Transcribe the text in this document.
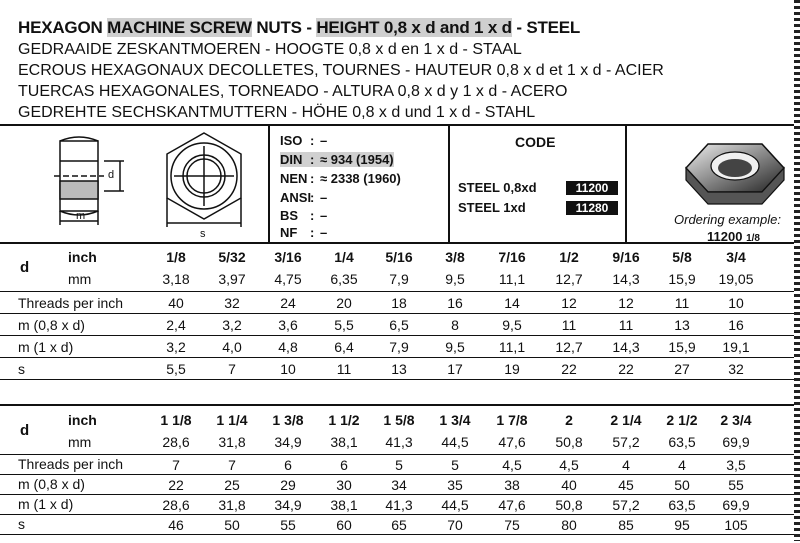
HEXAGON MACHINE SCREW NUTS - HEIGHT 0,8 x d and 1 x d - STEEL
GEDRAAIDE ZESKANTMOEREN - HOOGTE 0,8 x d en 1 x d - STAAL
ECROUS HEXAGONAUX DECOLLETES, TOURNES - HAUTEUR 0,8 x d et 1 x d - ACIER
TUERCAS HEXAGONALES, TORNEADO - ALTURA 0,8 x d y 1 x d - ACERO
GEDREHTE SECHSKANTMUTTERN - HÖHE 0,8 x d und 1 x d - STAHL
m
d
s
ISO : –
DIN : ≈ 934 (1954)
NEN : ≈ 2338 (1960)
ANSI: –
BS : –
NF : –
CODE
STEEL 0,8xd	11200
STEEL 1xd	11280
Ordering example:
11200 1/8
d
inch
mm
1/8	5/32	3/16	1/4	5/16	3/8	7/16	1/2	9/16	5/8	3/4
3,18	3,97	4,75	6,35	7,9	9,5	11,1	12,7	14,3	15,9	19,05
Threads per inch	40	32	24	20	18	16	14	12	12	11	10
m (0,8 x d)	2,4	3,2	3,6	5,5	6,5	8	9,5	11	11	13	16
m (1 x d)	3,2	4,0	4,8	6,4	7,9	9,5	11,1	12,7	14,3	15,9	19,1
s	5,5	7	10	11	13	17	19	22	22	27	32
d
inch
mm
1 1/8	1 1/4	1 3/8	1 1/2	1 5/8	1 3/4	1 7/8	2	2 1/4	2 1/2	2 3/4
28,6	31,8	34,9	38,1	41,3	44,5	47,6	50,8	57,2	63,5	69,9
Threads per inch	7	7	6	6	5	5	4,5	4,5	4	4	3,5
m (0,8 x d)	22	25	29	30	34	35	38	40	45	50	55
m (1 x d)	28,6	31,8	34,9	38,1	41,3	44,5	47,6	50,8	57,2	63,5	69,9
s	46	50	55	60	65	70	75	80	85	95	105
